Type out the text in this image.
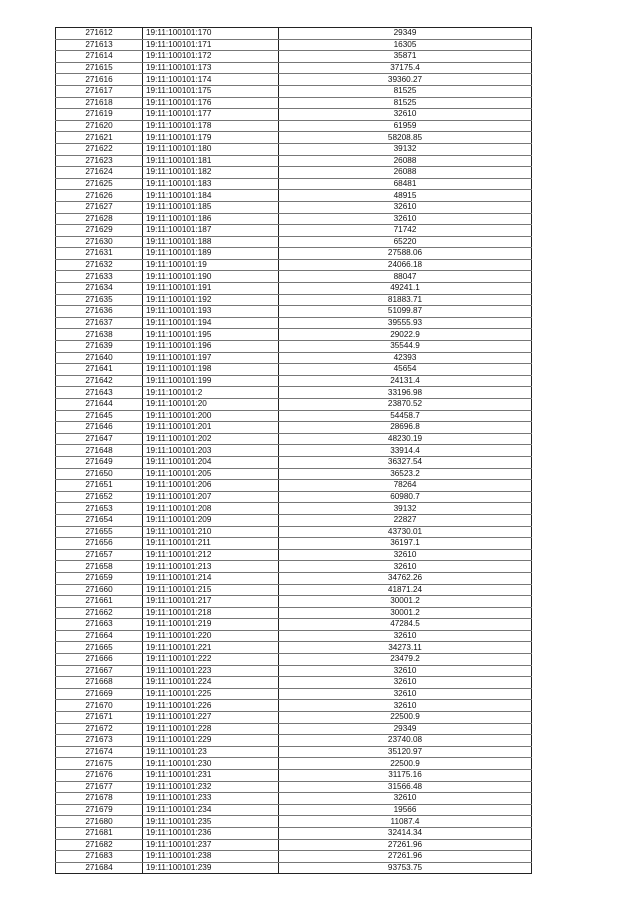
271612	19:11:100101:170	29349
271613	19:11:100101:171	16305
271614	19:11:100101:172	35871
271615	19:11:100101:173	37175.4
271616	19:11:100101:174	39360.27
271617	19:11:100101:175	81525
271618	19:11:100101:176	81525
271619	19:11:100101:177	32610
271620	19:11:100101:178	61959
271621	19:11:100101:179	58208.85
271622	19:11:100101:180	39132
271623	19:11:100101:181	26088
271624	19:11:100101:182	26088
271625	19:11:100101:183	68481
271626	19:11:100101:184	48915
271627	19:11:100101:185	32610
271628	19:11:100101:186	32610
271629	19:11:100101:187	71742
271630	19:11:100101:188	65220
271631	19:11:100101:189	27588.06
271632	19:11:100101:19	24066.18
271633	19:11:100101:190	88047
271634	19:11:100101:191	49241.1
271635	19:11:100101:192	81883.71
271636	19:11:100101:193	51099.87
271637	19:11:100101:194	39555.93
271638	19:11:100101:195	29022.9
271639	19:11:100101:196	35544.9
271640	19:11:100101:197	42393
271641	19:11:100101:198	45654
271642	19:11:100101:199	24131.4
271643	19:11:100101:2	33196.98
271644	19:11:100101:20	23870.52
271645	19:11:100101:200	54458.7
271646	19:11:100101:201	28696.8
271647	19:11:100101:202	48230.19
271648	19:11:100101:203	33914.4
271649	19:11:100101:204	36327.54
271650	19:11:100101:205	36523.2
271651	19:11:100101:206	78264
271652	19:11:100101:207	60980.7
271653	19:11:100101:208	39132
271654	19:11:100101:209	22827
271655	19:11:100101:210	43730.01
271656	19:11:100101:211	36197.1
271657	19:11:100101:212	32610
271658	19:11:100101:213	32610
271659	19:11:100101:214	34762.26
271660	19:11:100101:215	41871.24
271661	19:11:100101:217	30001.2
271662	19:11:100101:218	30001.2
271663	19:11:100101:219	47284.5
271664	19:11:100101:220	32610
271665	19:11:100101:221	34273.11
271666	19:11:100101:222	23479.2
271667	19:11:100101:223	32610
271668	19:11:100101:224	32610
271669	19:11:100101:225	32610
271670	19:11:100101:226	32610
271671	19:11:100101:227	22500.9
271672	19:11:100101:228	29349
271673	19:11:100101:229	23740.08
271674	19:11:100101:23	35120.97
271675	19:11:100101:230	22500.9
271676	19:11:100101:231	31175.16
271677	19:11:100101:232	31566.48
271678	19:11:100101:233	32610
271679	19:11:100101:234	19566
271680	19:11:100101:235	11087.4
271681	19:11:100101:236	32414.34
271682	19:11:100101:237	27261.96
271683	19:11:100101:238	27261.96
271684	19:11:100101:239	93753.75
